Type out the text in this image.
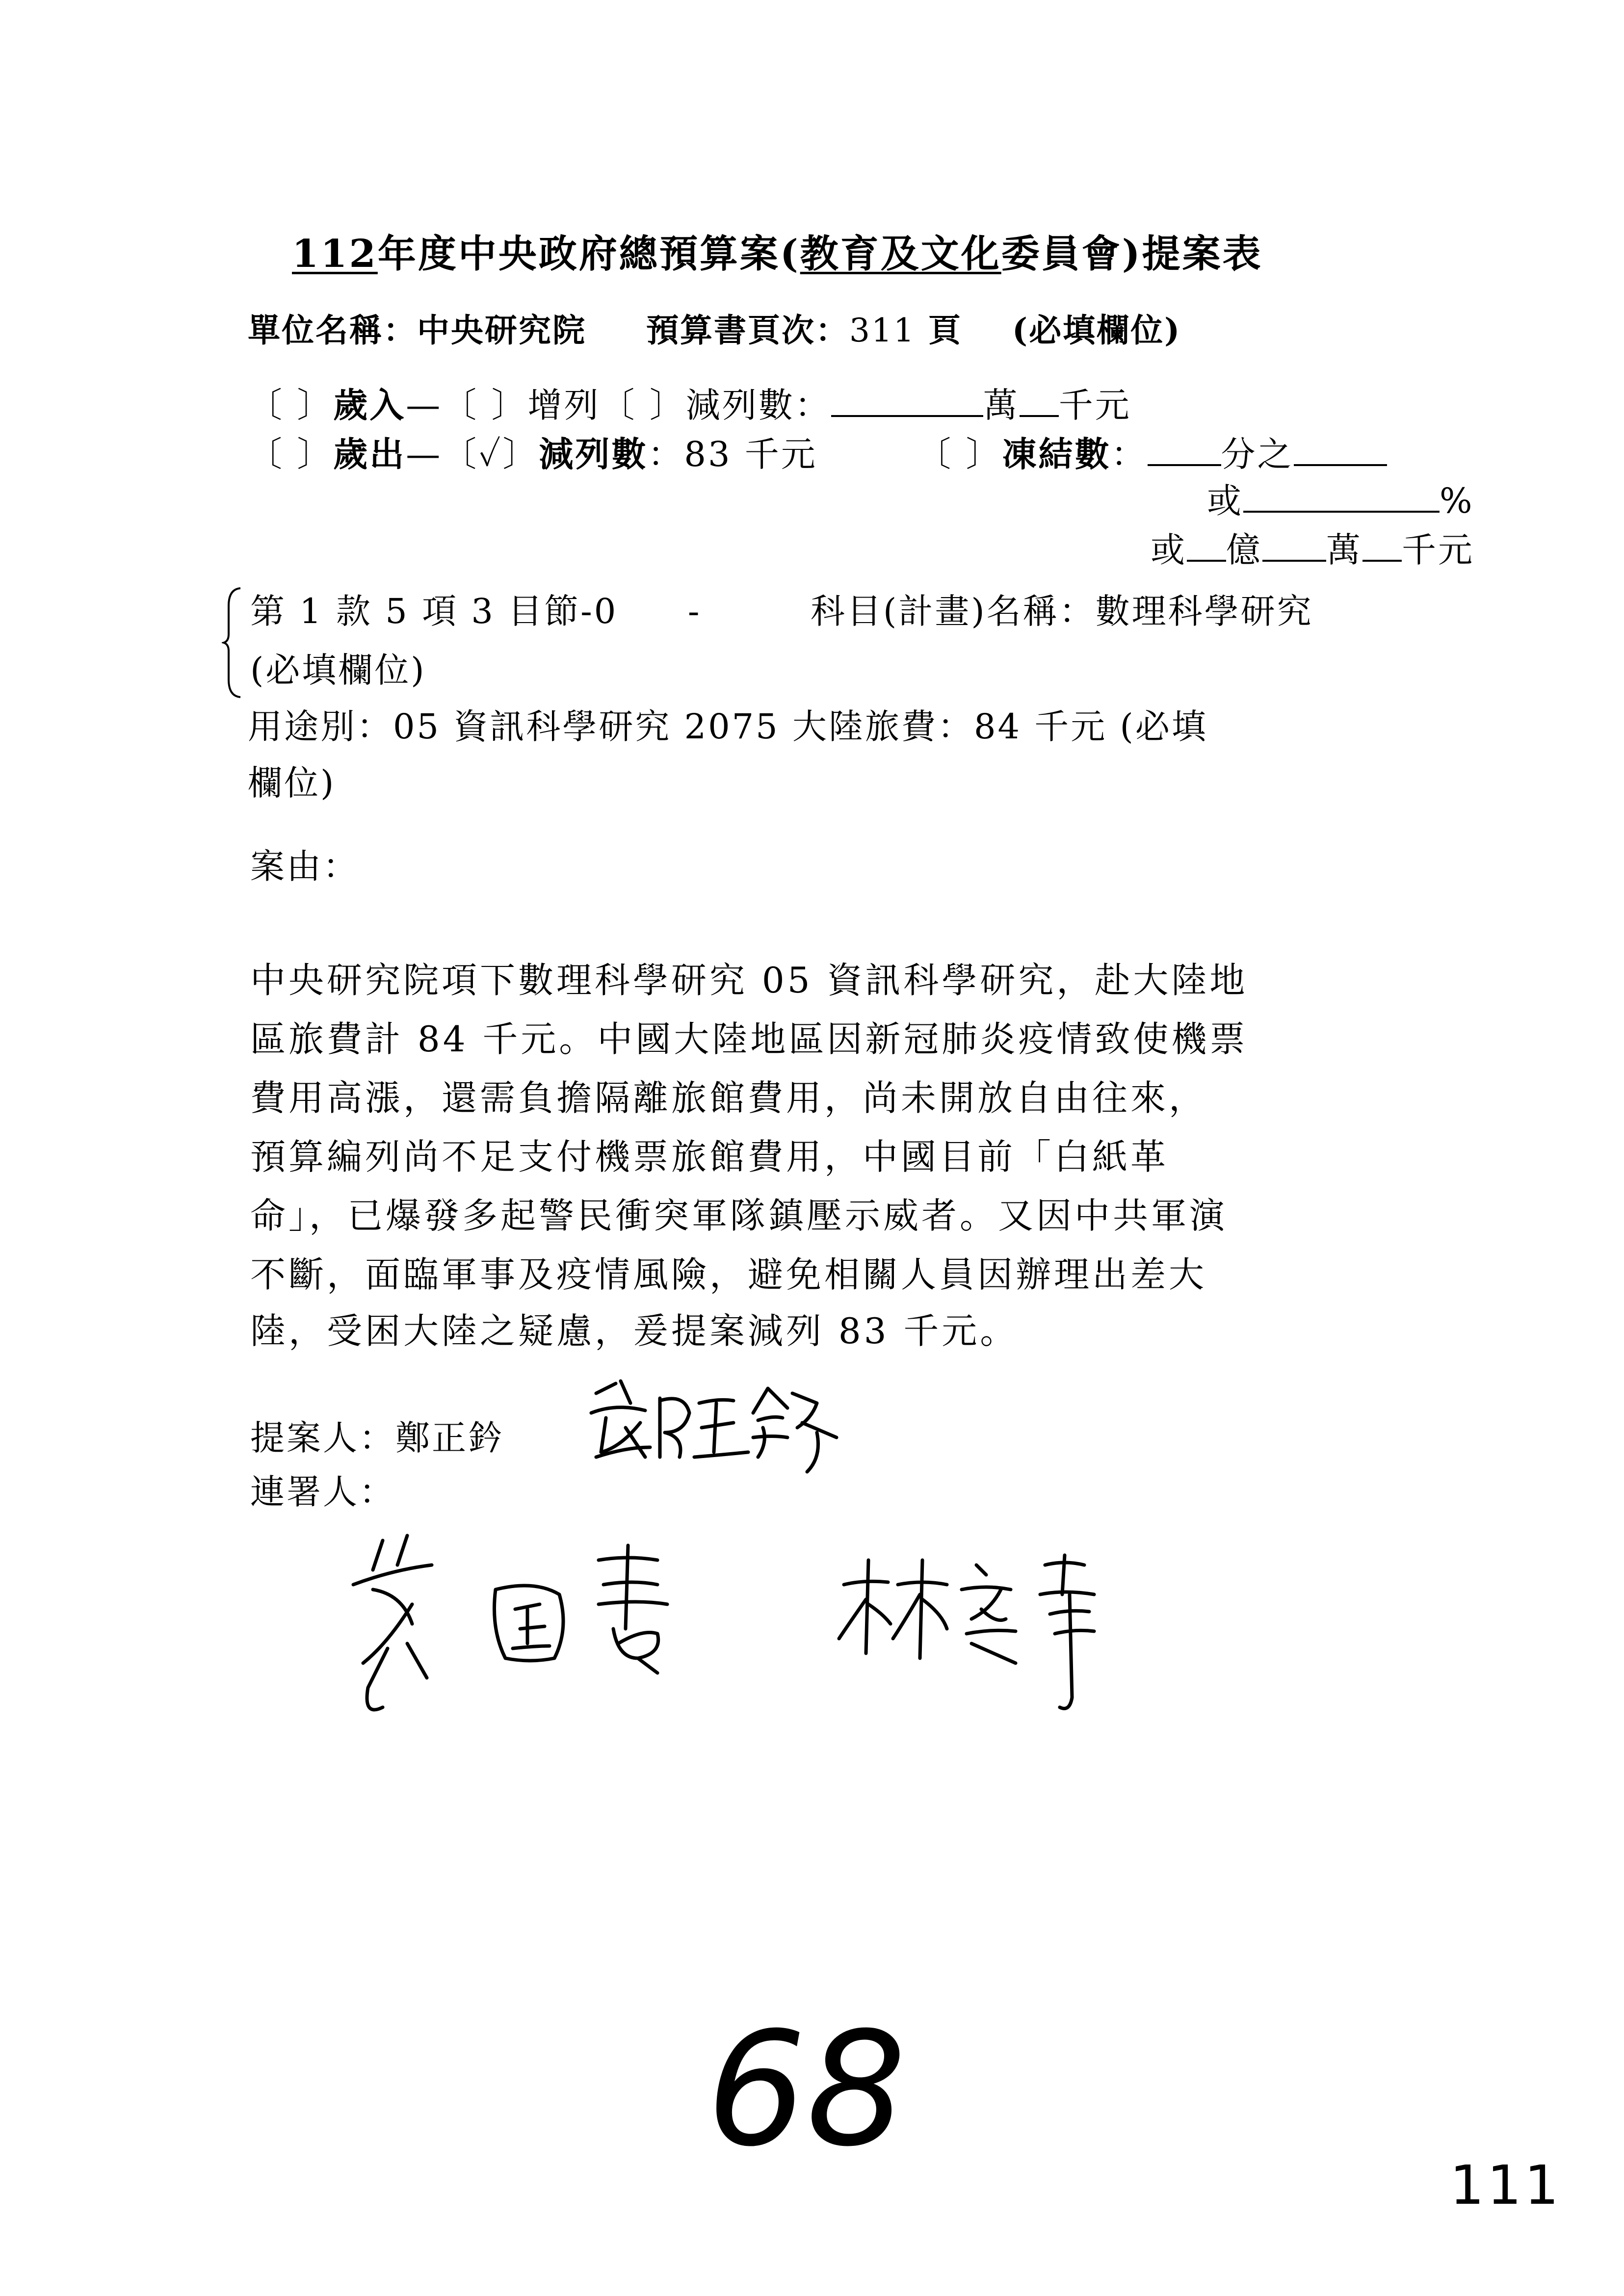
112年度中央政府總預算案(教育及文化委員會)提案表
單位名稱：中央研究院 預算書頁次：311 頁 (必填欄位)
〔 〕歲入—〔 〕增列〔 〕減列數：	萬 千元
〔 〕歲出—〔✓〕減列數：83 千元	〔 〕凍結數： 分之
或	%
或 億 萬 千元
第 1 款 5 項 3 目節-0 -	科目(計畫)名稱：數理科學研究
(必填欄位)
用途別：05 資訊科學研究 2075 大陸旅費：84 千元 (必填
欄位)
案由：
中央研究院項下數理科學研究 05 資訊科學研究，赴大陸地
區旅費計 84 千元。中國大陸地區因新冠肺炎疫情致使機票
費用高漲，還需負擔隔離旅館費用，尚未開放自由往來，
預算編列尚不足支付機票旅館費用，中國目前「白紙革
命」，已爆發多起警民衝突軍隊鎮壓示威者。又因中共軍演
不斷，面臨軍事及疫情風險，避免相關人員因辦理出差大
陸，受困大陸之疑慮，爰提案減列 83 千元。
提案人：鄭正鈐
連署人：
68
111
